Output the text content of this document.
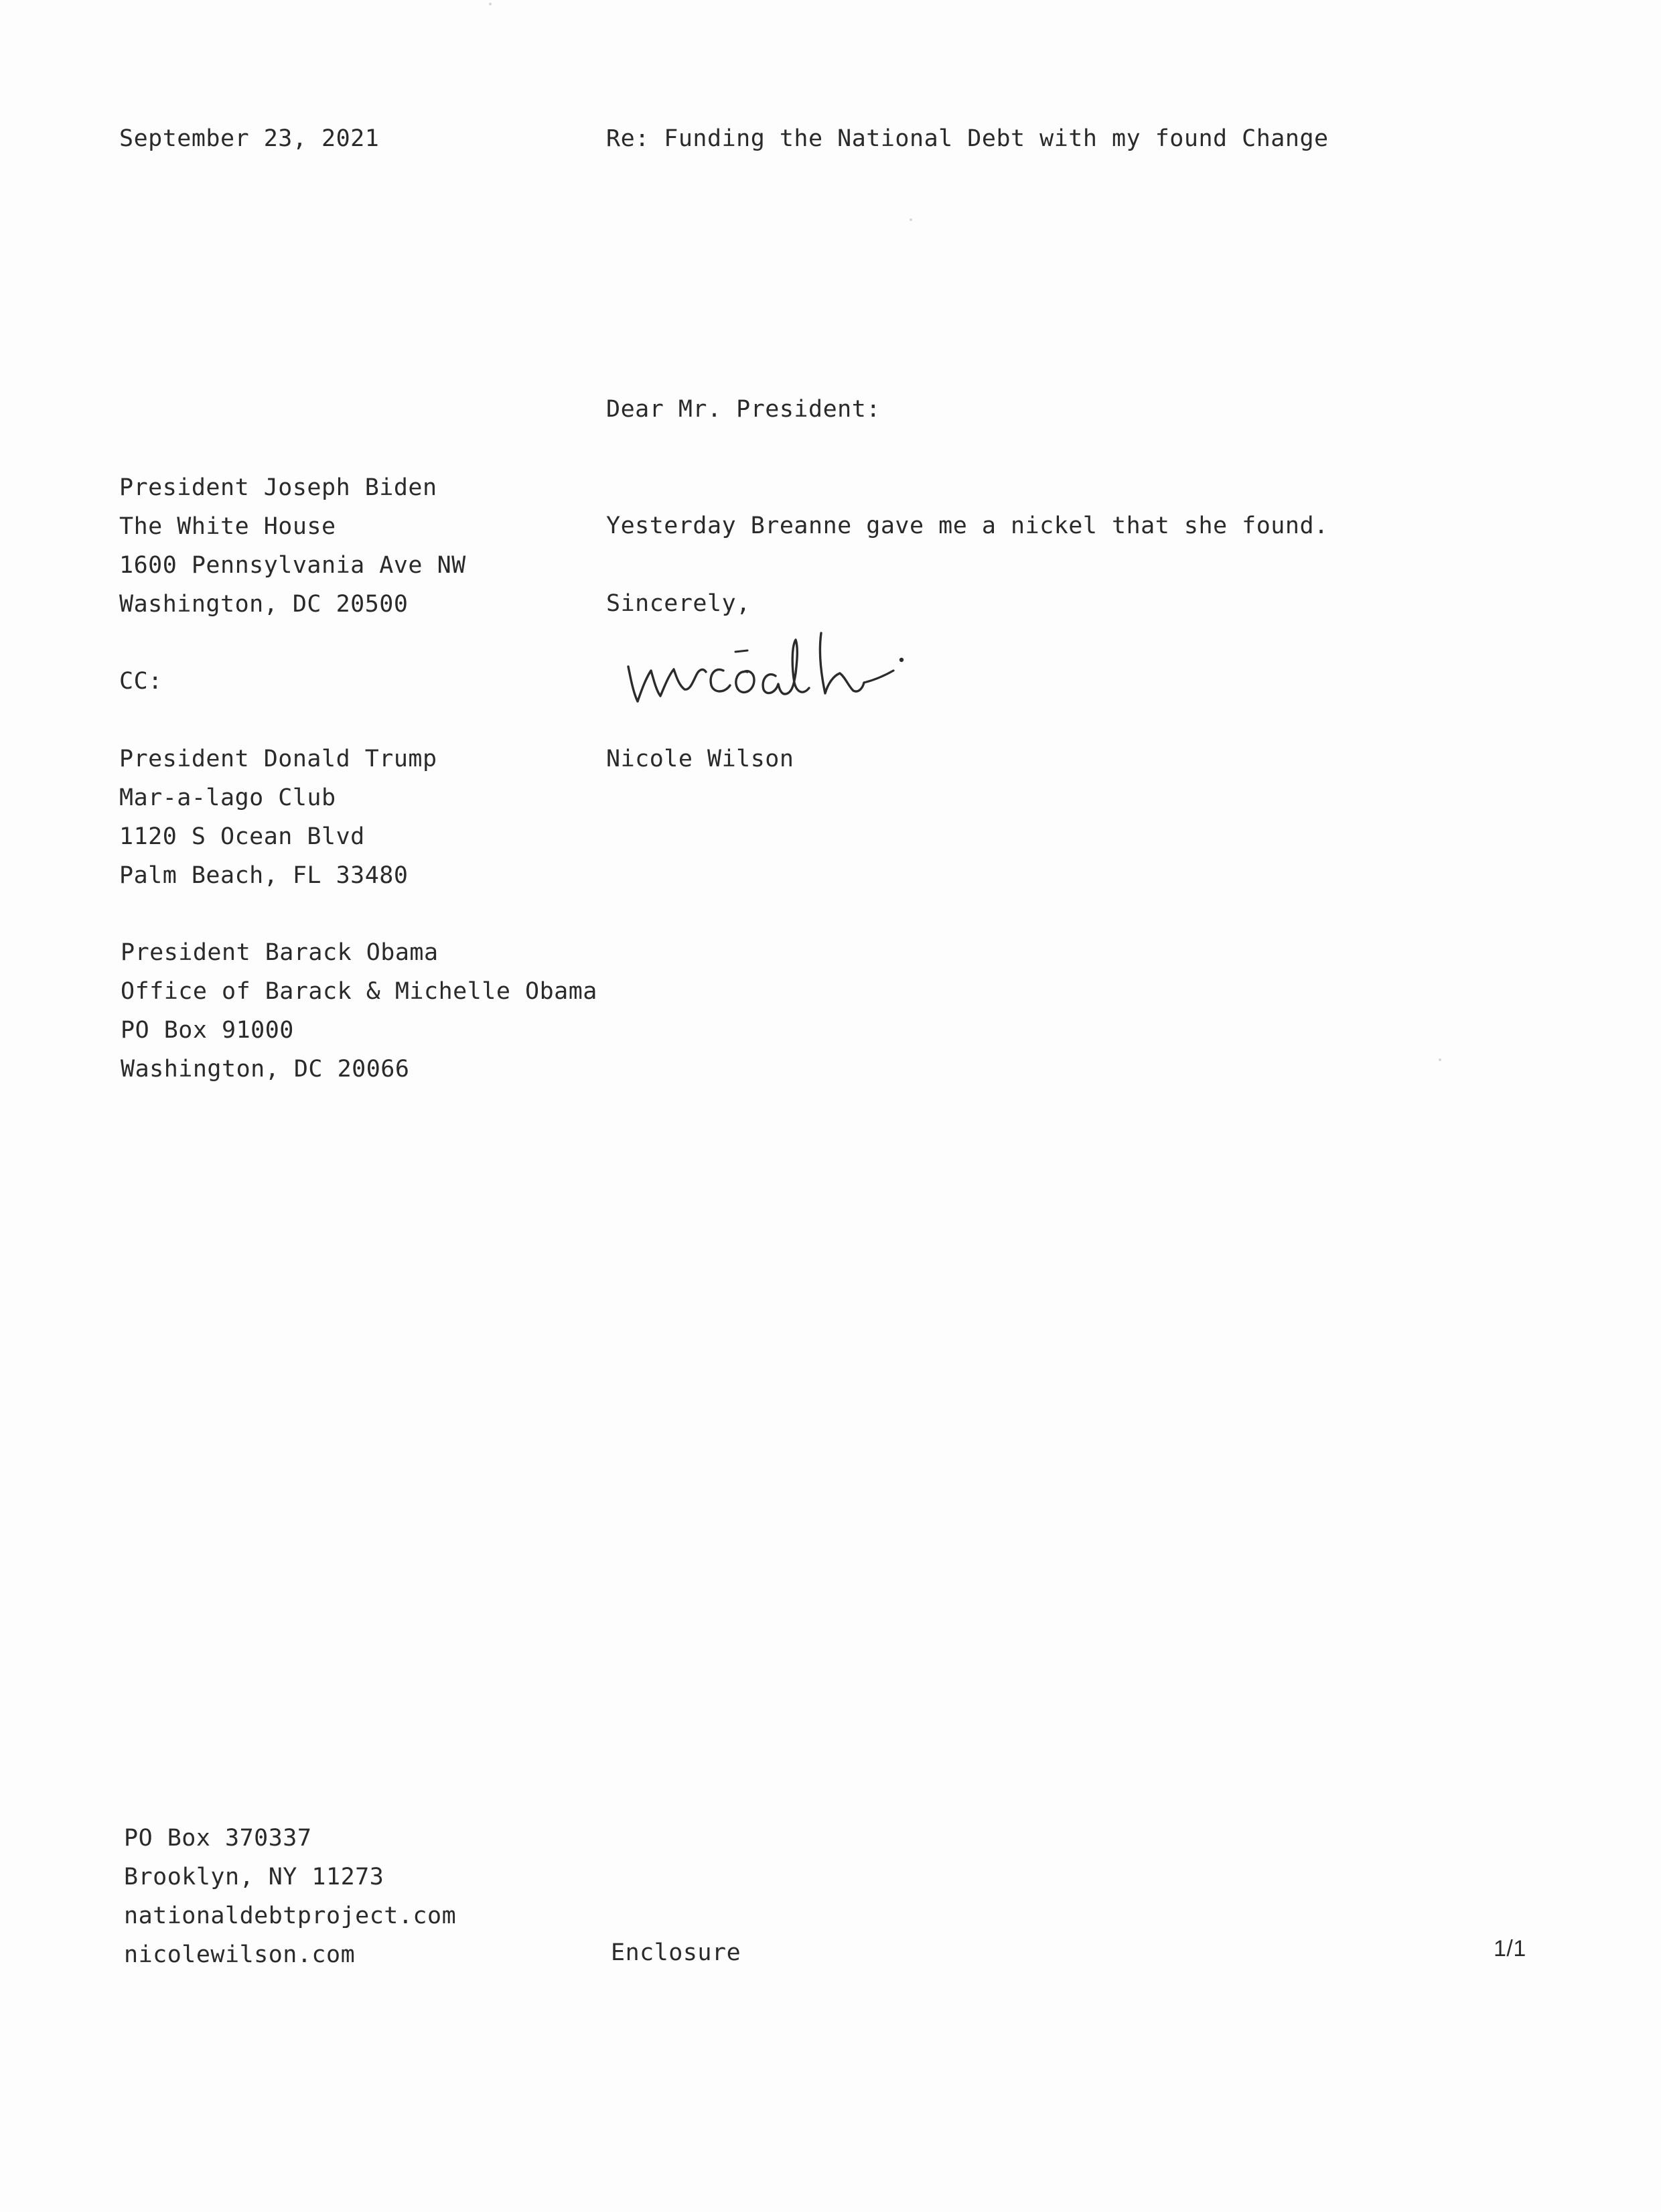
September 23, 2021	Re: Funding the National Debt with my found Change
Dear Mr. President:
President Joseph Biden
The White House
1600 Pennsylvania Ave NW
Washington, DC 20500
Yesterday Breanne gave me a nickel that she found.
Sincerely,
Nicole Wilson
CC:
President Donald Trump
Mar-a-lago Club
1120 S Ocean Blvd
Palm Beach, FL 33480
President Barack Obama
Office of Barack & Michelle Obama
PO Box 91000
Washington, DC 20066
PO Box 370337
Brooklyn, NY 11273
nationaldebtproject.com
nicolewilson.com	Enclosure	1/1
